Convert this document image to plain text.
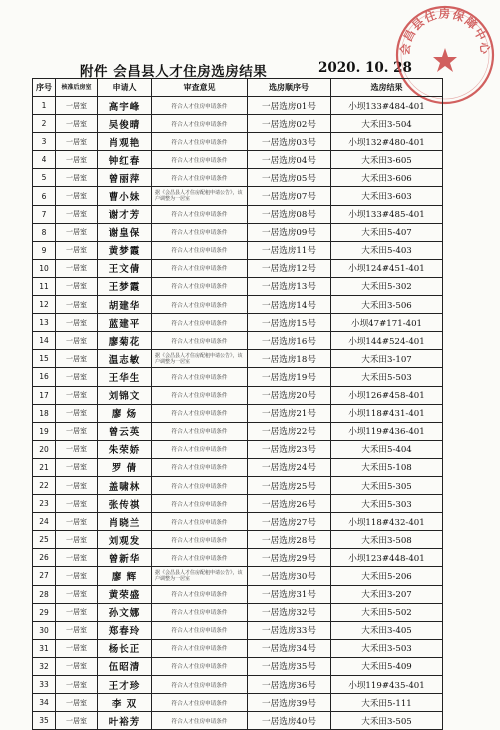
附件 会昌县人才住房选房结果	2020. 10. 28
会昌县住房保障中心
序号	核准后房室	申请人	审查意见	选房顺序号	选房结果
1	一居室	高宇峰	符合人才住房申请条件	一居选房01号	小坝133#484-401
2	一居室	吴俊晴	符合人才住房申请条件	一居选房02号	大禾田3-504
3	一居室	肖观艳	符合人才住房申请条件	一居选房03号	小坝132#480-401
4	一居室	钟红春	符合人才住房申请条件	一居选房04号	大禾田3-605
5	一居室	曾丽萍	符合人才住房申请条件	一居选房05号	大禾田3-606
6	一居室	曹小妹	据《会昌县人才住房配租申请公告》，该户调整为一居室	一居选房07号	大禾田3-603
7	一居室	谢才芳	符合人才住房申请条件	一居选房08号	小坝133#485-401
8	一居室	谢皇保	符合人才住房申请条件	一居选房09号	大禾田5-407
9	一居室	黄梦霞	符合人才住房申请条件	一居选房11号	大禾田5-403
10	一居室	王文倩	符合人才住房申请条件	一居选房12号	小坝124#451-401
11	一居室	王梦霞	符合人才住房申请条件	一居选房13号	大禾田5-302
12	一居室	胡建华	符合人才住房申请条件	一居选房14号	大禾田3-506
13	一居室	蓝建平	符合人才住房申请条件	一居选房15号	小坝47#171-401
14	一居室	廖菊花	符合人才住房申请条件	一居选房16号	小坝144#524-401
15	一居室	温志敏	据《会昌县人才住房配租申请公告》，该户调整为一居室	一居选房18号	大禾田3-107
16	一居室	王华生	符合人才住房申请条件	一居选房19号	大禾田5-503
17	一居室	刘锦文	符合人才住房申请条件	一居选房20号	小坝126#458-401
18	一居室	廖 炀	符合人才住房申请条件	一居选房21号	小坝118#431-401
19	一居室	曾云英	符合人才住房申请条件	一居选房22号	小坝119#436-401
20	一居室	朱荣娇	符合人才住房申请条件	一居选房23号	大禾田5-404
21	一居室	罗 倩	符合人才住房申请条件	一居选房24号	大禾田5-108
22	一居室	盖啸林	符合人才住房申请条件	一居选房25号	大禾田5-305
23	一居室	张传祺	符合人才住房申请条件	一居选房26号	大禾田5-303
24	一居室	肖晓兰	符合人才住房申请条件	一居选房27号	小坝118#432-401
25	一居室	刘观发	符合人才住房申请条件	一居选房28号	大禾田3-508
26	一居室	曾新华	符合人才住房申请条件	一居选房29号	小坝123#448-401
27	一居室	廖 辉	据《会昌县人才住房配租申请公告》，该户调整为一居室	一居选房30号	大禾田5-206
28	一居室	黄荣盛	符合人才住房申请条件	一居选房31号	大禾田3-207
29	一居室	孙文娜	符合人才住房申请条件	一居选房32号	大禾田5-502
30	一居室	郑春玲	符合人才住房申请条件	一居选房33号	大禾田3-405
31	一居室	杨长正	符合人才住房申请条件	一居选房34号	大禾田3-503
32	一居室	伍昭清	符合人才住房申请条件	一居选房35号	大禾田5-409
33	一居室	王才珍	符合人才住房申请条件	一居选房36号	小坝119#435-401
34	一居室	李 双	符合人才住房申请条件	一居选房39号	大禾田5-111
35	一居室	叶裕芳	符合人才住房申请条件	一居选房40号	大禾田3-505
